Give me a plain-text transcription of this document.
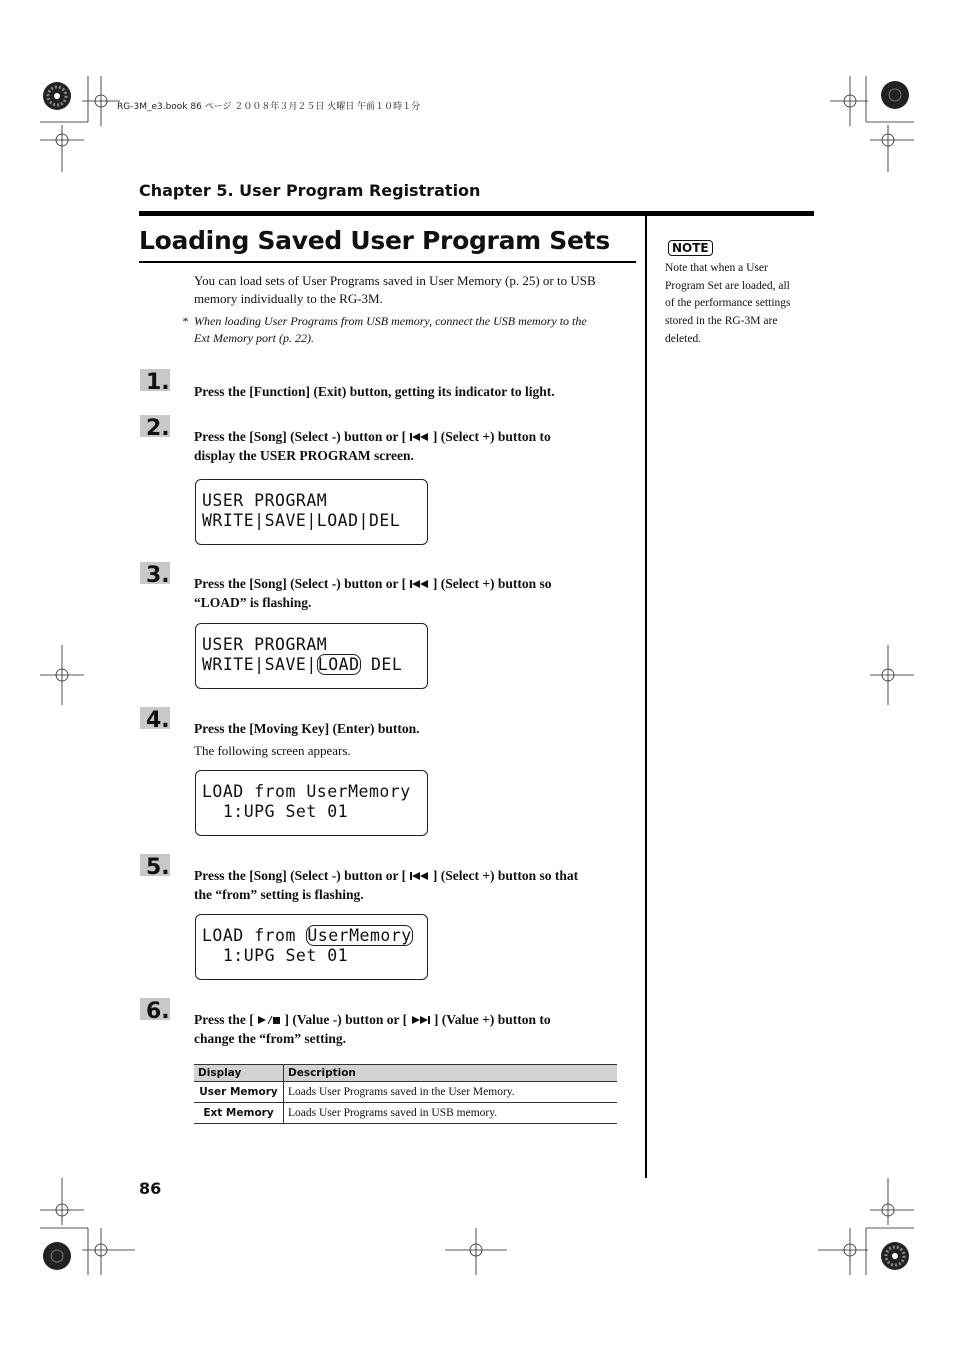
RG-3M_e3.book 86 ページ ２００８年３月２５日 火曜日 午前１０時１分
Chapter 5. User Program Registration
Loading Saved User Program Sets
You can load sets of User Programs saved in User Memory (p. 25) or to USB
memory individually to the RG-3M.
* When loading User Programs from USB memory, connect the USB memory to the
Ext Memory port (p. 22).
1. Press the [Function] (Exit) button, getting its indicator to light.
2. Press the [Song] (Select -) button or [ ] (Select +) button to
display the USER PROGRAM screen.
USER PROGRAM
WRITE|SAVE|LOAD|DEL
3. Press the [Song] (Select -) button or [ ] (Select +) button so
“LOAD” is flashing.
USER PROGRAM
WRITE|SAVE|LOAD DEL
4. Press the [Moving Key] (Enter) button.
The following screen appears.
LOAD from UserMemory
1:UPG Set 01
5. Press the [Song] (Select -) button or [ ] (Select +) button so that
the “from” setting is flashing.
LOAD from UserMemory
1:UPG Set 01
6. Press the [ ] (Value -) button or [ ] (Value +) button to
change the “from” setting.
Display	Description
User Memory	Loads User Programs saved in the User Memory.
Ext Memory	Loads User Programs saved in USB memory.
NOTE
Note that when a User
Program Set are loaded, all
of the performance settings
stored in the RG-3M are
deleted.
86
